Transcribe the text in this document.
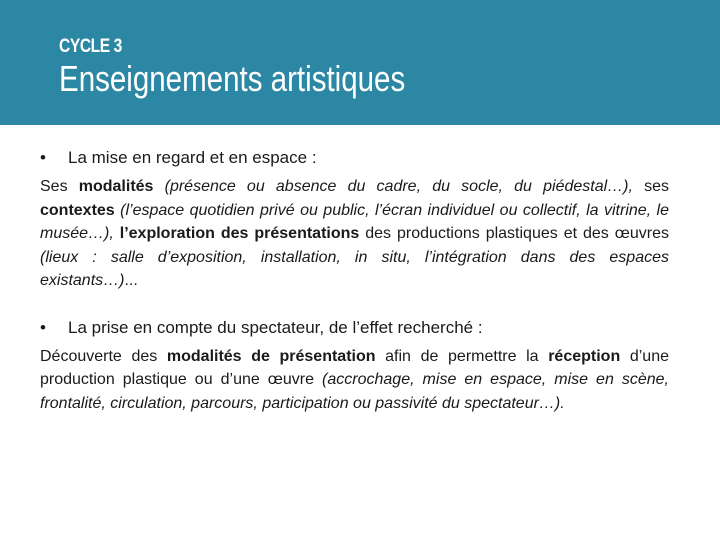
CYCLE 3
Enseignements artistiques
• La mise en regard et en espace :

Ses modalités (présence ou absence du cadre, du socle, du piédestal…), ses contextes (l’espace quotidien privé ou public, l’écran individuel ou collectif, la vitrine, le musée…), l’exploration des présentations des productions plastiques et des œuvres (lieux : salle d’exposition, installation, in situ, l’intégration dans des espaces existants…)...

• La prise en compte du spectateur, de l’effet recherché :

Découverte des modalités de présentation afin de permettre la réception d’une production plastique ou d’une œuvre (accrochage, mise en espace, mise en scène, frontalité, circulation, parcours, participation ou passivité du spectateur…).
